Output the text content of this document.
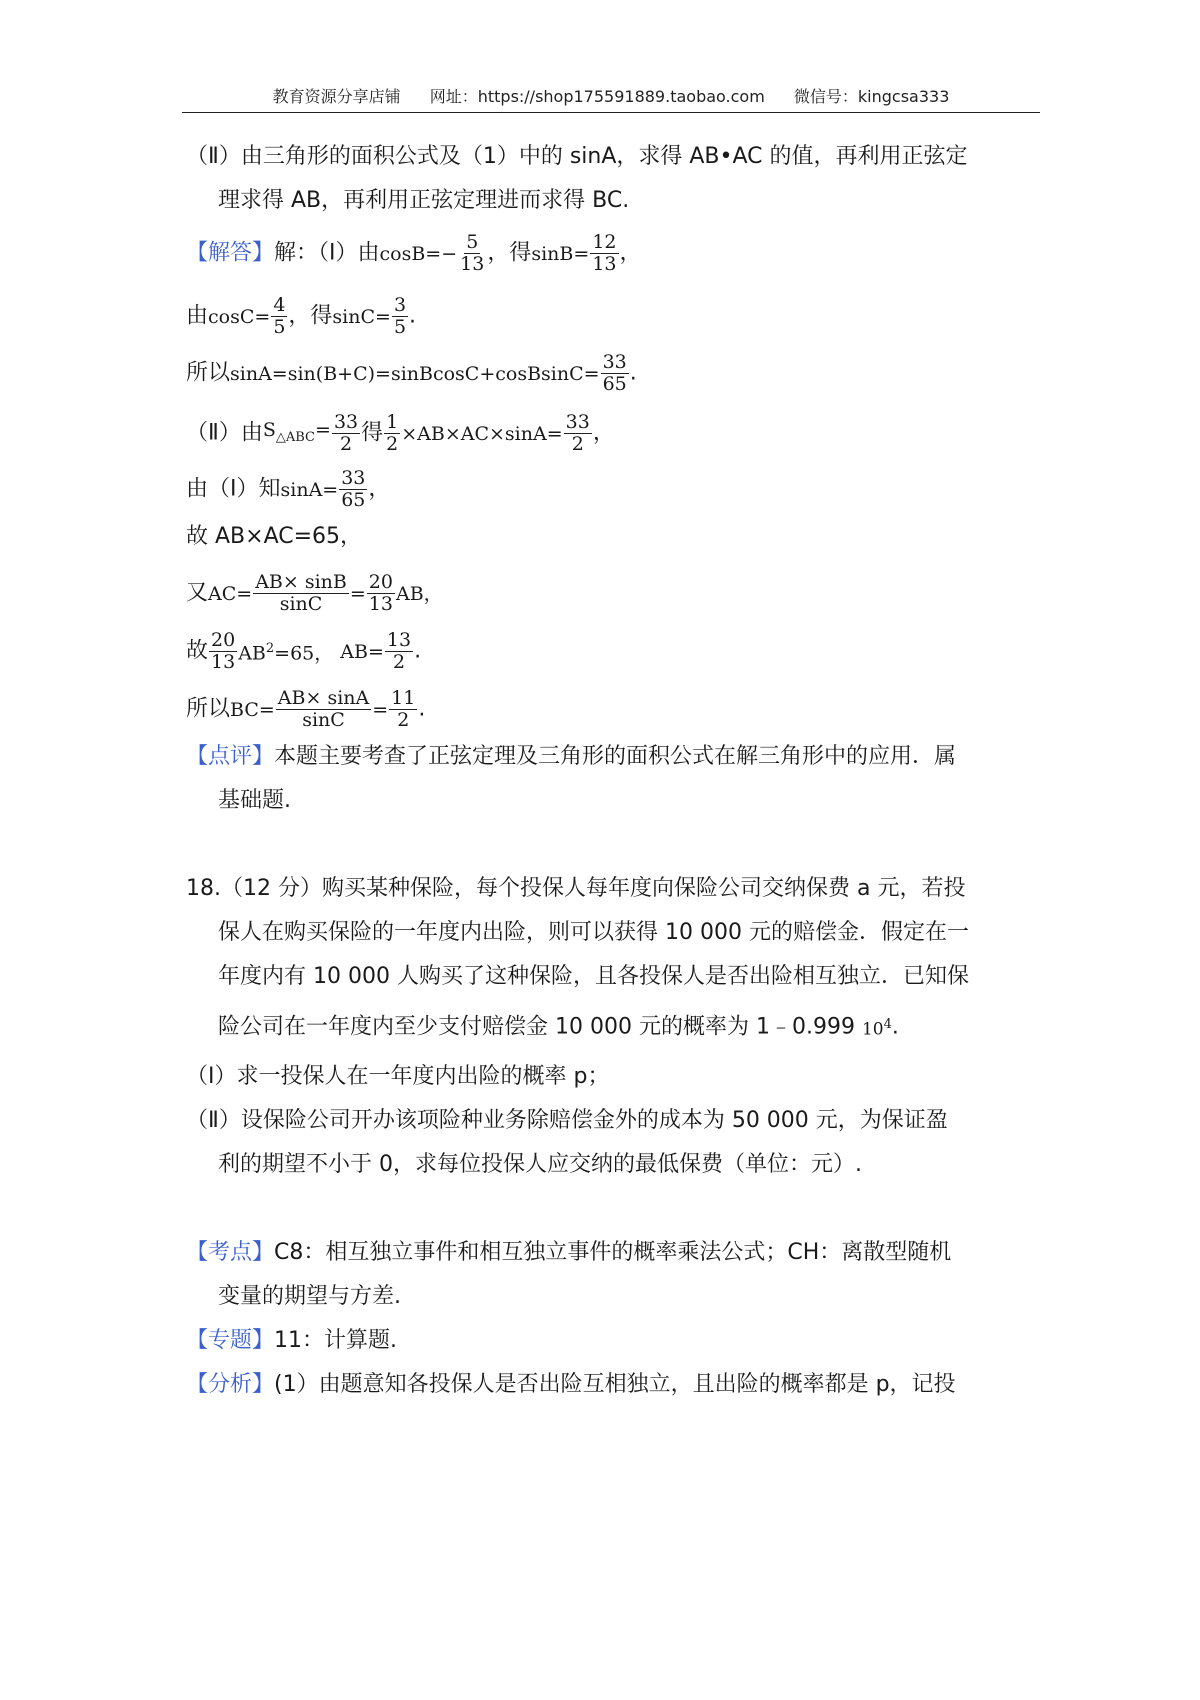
教育资源分享店铺 网址：https://shop175591889.taobao.com 微信号：kingcsa333
（Ⅱ）由三角形的面积公式及（1）中的 sinA，求得 AB•AC 的值，再利用正弦定
理求得 AB，再利用正弦定理进而求得 BC.
【解答】解：（Ⅰ）由$\cos B=- \frac{5}{13}$ ，得$\sin B= \frac{12}{13}$ ，
由$\cos C= \frac{4}{5}$ ，得$\sin C= \frac{3}{5}$ .
所以sinA=sin(B+C)=sinBcosC+cosBsinC= $\frac{33}{65}$ .
（Ⅱ）由$S_{\triangle ABC}= \frac{33}{2}$ 得 $\frac{1}{2} \times AB\times AC\times\sin A= \frac{33}{2}$ ，
由（Ⅰ）知$\sin A= \frac{33}{65}$ ，
故 AB×AC=65，
又$AC= \frac{AB\times \sin B}{\sin C} = \frac{20}{13}$ AB，
故 $\frac{20}{13} AB^2=65$， $AB= \frac{13}{2}$ .
所以$BC= \frac{AB\times \sin A}{\sin C} = \frac{11}{2}$ .
【点评】本题主要考查了正弦定理及三角形的面积公式在解三角形中的应用．属
基础题.
18.（12 分）购买某种保险，每个投保人每年度向保险公司交纳保费 a 元，若投
保人在购买保险的一年度内出险，则可以获得 10 000 元的赔偿金．假定在一
年度内有 10 000 人购买了这种保险，且各投保人是否出险相互独立．已知保
险公司在一年度内至少支付赔偿金 10 000 元的概率为 1﹣0.999 $10^4$.
（Ⅰ）求一投保人在一年度内出险的概率 p；
（Ⅱ）设保险公司开办该项险种业务除赔偿金外的成本为 50 000 元，为保证盈
利的期望不小于 0，求每位投保人应交纳的最低保费（单位：元）.
【考点】C8：相互独立事件和相互独立事件的概率乘法公式；CH：离散型随机
变量的期望与方差.
【专题】11：计算题.
【分析】(1）由题意知各投保人是否出险互相独立，且出险的概率都是 p，记投
